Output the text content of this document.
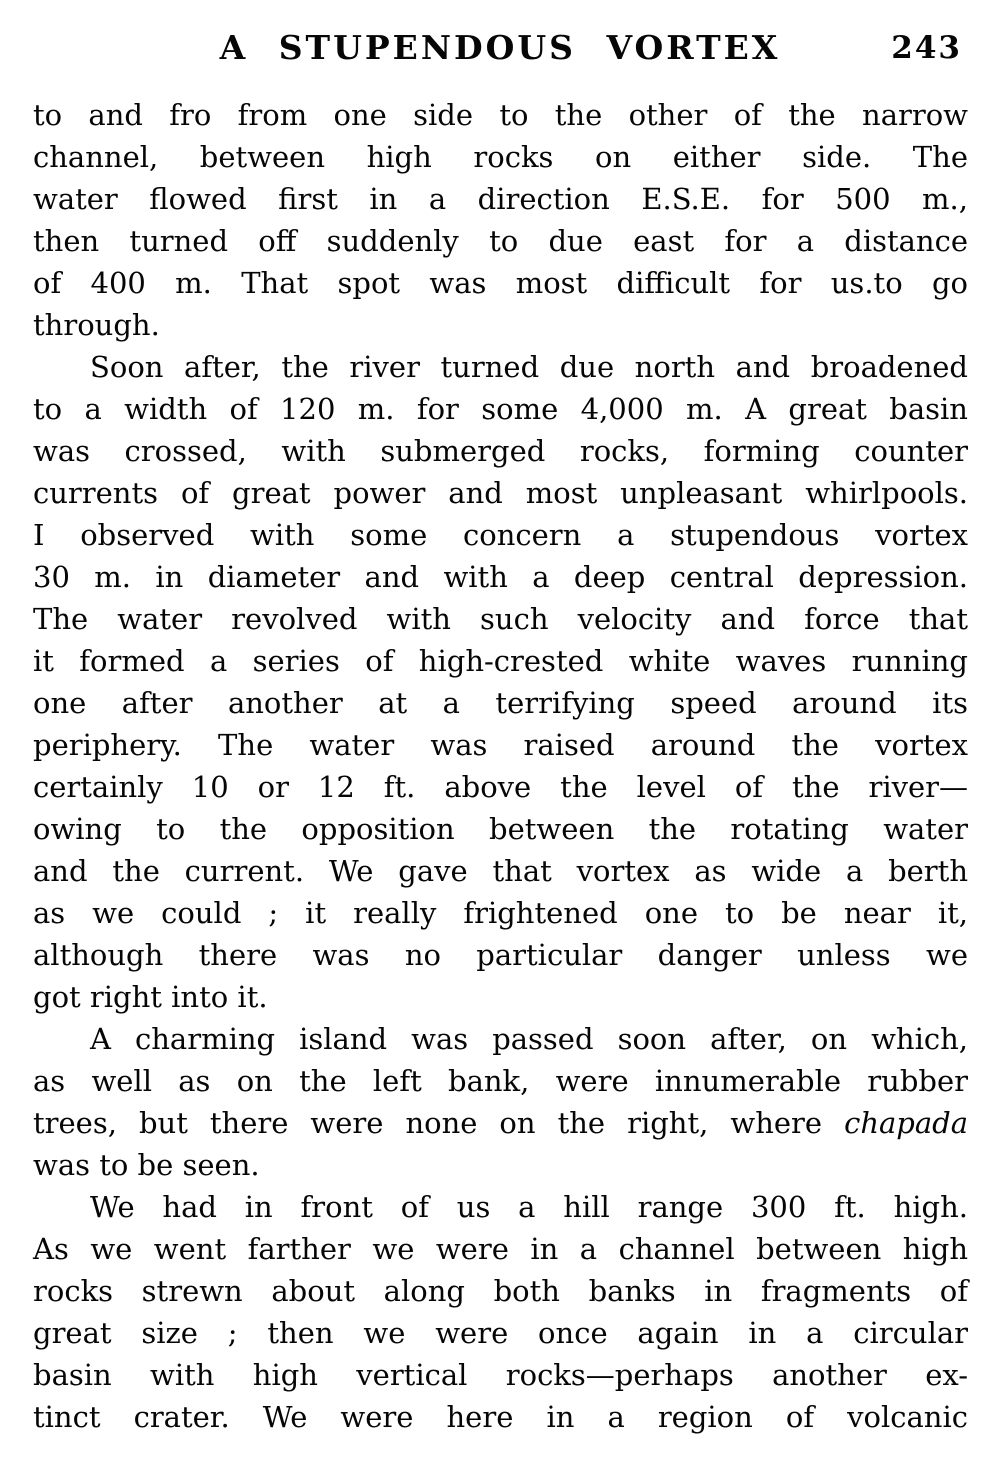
A STUPENDOUS VORTEX	243
to and fro from one side to the other of the narrow
channel, between high rocks on either side. The
water flowed first in a direction E.S.E. for 500 m.,
then turned off suddenly to due east for a distance
of 400 m. That spot was most difficult for us.to go
through.
Soon after, the river turned due north and broadened
to a width of 120 m. for some 4,000 m. A great basin
was crossed, with submerged rocks, forming counter
currents of great power and most unpleasant whirlpools.
I observed with some concern a stupendous vortex
30 m. in diameter and with a deep central depression.
The water revolved with such velocity and force that
it formed a series of high-crested white waves running
one after another at a terrifying speed around its
periphery. The water was raised around the vortex
certainly 10 or 12 ft. above the level of the river—
owing to the opposition between the rotating water
and the current. We gave that vortex as wide a berth
as we could ; it really frightened one to be near it,
although there was no particular danger unless we
got right into it.
A charming island was passed soon after, on which,
as well as on the left bank, were innumerable rubber
trees, but there were none on the right, where chapada
was to be seen.
We had in front of us a hill range 300 ft. high.
As we went farther we were in a channel between high
rocks strewn about along both banks in fragments of
great size ; then we were once again in a circular
basin with high vertical rocks—perhaps another ex-
tinct crater. We were here in a region of volcanic
